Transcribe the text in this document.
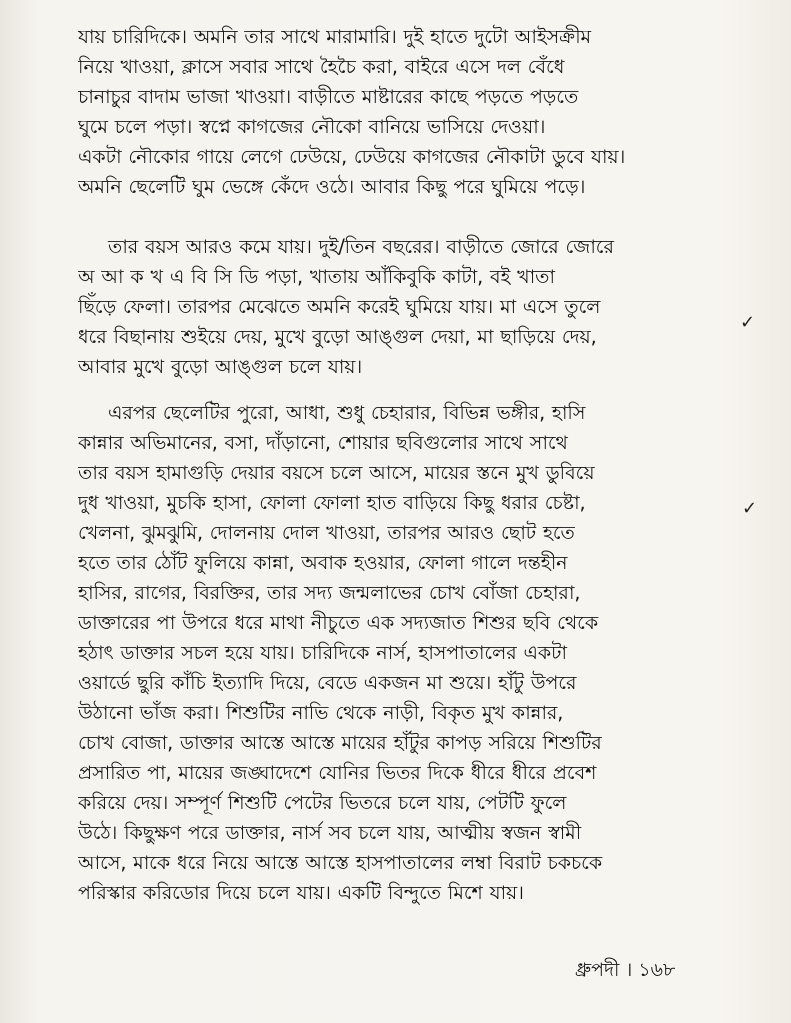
যায় চারিদিকে। অমনি তার সাথে মারামারি। দুই হাতে দুটো আইসক্রীম
নিয়ে খাওয়া, ক্লাসে সবার সাথে হৈচৈ করা, বাইরে এসে দল বেঁধে
চানাচুর বাদাম ভাজা খাওয়া। বাড়ীতে মাষ্টারের কাছে পড়তে পড়তে
ঘুমে চলে পড়া। স্বপ্নে কাগজের নৌকো বানিয়ে ভাসিয়ে দেওয়া।
একটা নৌকোর গায়ে লেগে ঢেউয়ে, ঢেউয়ে কাগজের নৌকাটা ডুবে যায়।
অমনি ছেলেটি ঘুম ভেঙ্গে কেঁদে ওঠে। আবার কিছু পরে ঘুমিয়ে পড়ে।
তার বয়স আরও কমে যায়। দুই/তিন বছরের। বাড়ীতে জোরে জোরে
অ আ ক খ এ বি সি ডি পড়া, খাতায় আঁকিবুকি কাটা, বই খাতা
ছিঁড়ে ফেলা। তারপর মেঝেতে অমনি করেই ঘুমিয়ে যায়। মা এসে তুলে
ধরে বিছানায় শুইয়ে দেয়, মুখে বুড়ো আঙ্গুল দেয়া, মা ছাড়িয়ে দেয়,
আবার মুখে বুড়ো আঙ্গুল চলে যায়।
এরপর ছেলেটির পুরো, আধা, শুধু চেহারার, বিভিন্ন ভঙ্গীর, হাসি
কান্নার অভিমানের, বসা, দাঁড়ানো, শোয়ার ছবিগুলোর সাথে সাথে
তার বয়স হামাগুড়ি দেয়ার বয়সে চলে আসে, মায়ের স্তনে মুখ ডুবিয়ে
দুধ খাওয়া, মুচকি হাসা, ফোলা ফোলা হাত বাড়িয়ে কিছু ধরার চেষ্টা,
খেলনা, ঝুমঝুমি, দোলনায় দোল খাওয়া, তারপর আরও ছোট হতে
হতে তার ঠোঁট ফুলিয়ে কান্না, অবাক হওয়ার, ফোলা গালে দন্তহীন
হাসির, রাগের, বিরক্তির, তার সদ্য জন্মলাভের চোখ বোঁজা চেহারা,
ডাক্তারের পা উপরে ধরে মাথা নীচুতে এক সদ্যজাত শিশুর ছবি থেকে
হঠাৎ ডাক্তার সচল হয়ে যায়। চারিদিকে নার্স, হাসপাতালের একটা
ওয়ার্ডে ছুরি কাঁচি ইত্যাদি দিয়ে, বেডে একজন মা শুয়ে। হাঁটু উপরে
উঠানো ভাঁজ করা। শিশুটির নাভি থেকে নাড়ী, বিকৃত মুখ কান্নার,
চোখ বোজা, ডাক্তার আস্তে আস্তে মায়ের হাঁটুর কাপড় সরিয়ে শিশুটির
প্রসারিত পা, মায়ের জঙ্ঘাদেশে যোনির ভিতর দিকে ধীরে ধীরে প্রবেশ
করিয়ে দেয়। সম্পূর্ণ শিশুটি পেটের ভিতরে চলে যায়, পেটটি ফুলে
উঠে। কিছুক্ষণ পরে ডাক্তার, নার্স সব চলে যায়, আত্মীয় স্বজন স্বামী
আসে, মাকে ধরে নিয়ে আস্তে আস্তে হাসপাতালের লম্বা বিরাট চকচকে
পরিস্কার করিডোর দিয়ে চলে যায়। একটি বিন্দুতে মিশে যায়।
✓
✓
ধ্রুপদী । ১৬৮
